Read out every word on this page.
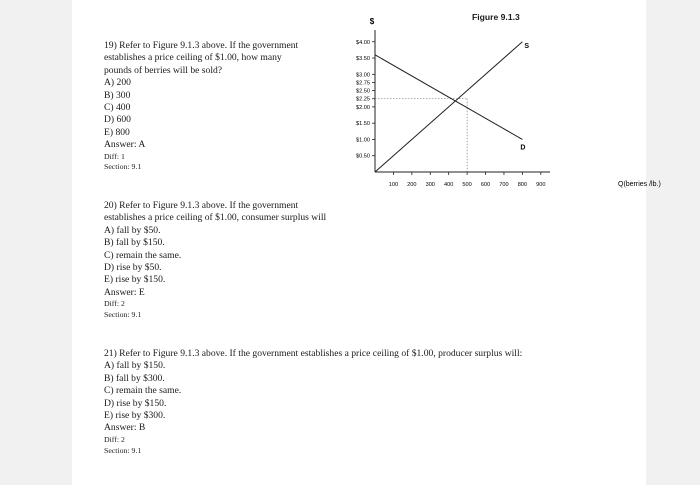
Figure 9.1.3
$
Q(berries /lb.)
$4.00
$3.50
$3.00
$2.75
$2.50
$2.25
$2.00
$1.50
$1.00
$0.50
100 200 300 400 500 600 700 800 900
S
D
19) Refer to Figure 9.1.3 above. If the government
establishes a price ceiling of $1.00, how many
pounds of berries will be sold?
A) 200
B) 300
C) 400
D) 600
E) 800
Answer: A
Diff: 1
Section: 9.1
20) Refer to Figure 9.1.3 above. If the government
establishes a price ceiling of $1.00, consumer surplus will
A) fall by $50.
B) fall by $150.
C) remain the same.
D) rise by $50.
E) rise by $150.
Answer: E
Diff: 2
Section: 9.1
21) Refer to Figure 9.1.3 above. If the government establishes a price ceiling of $1.00, producer surplus will:
A) fall by $150.
B) fall by $300.
C) remain the same.
D) rise by $150.
E) rise by $300.
Answer: B
Diff: 2
Section: 9.1
